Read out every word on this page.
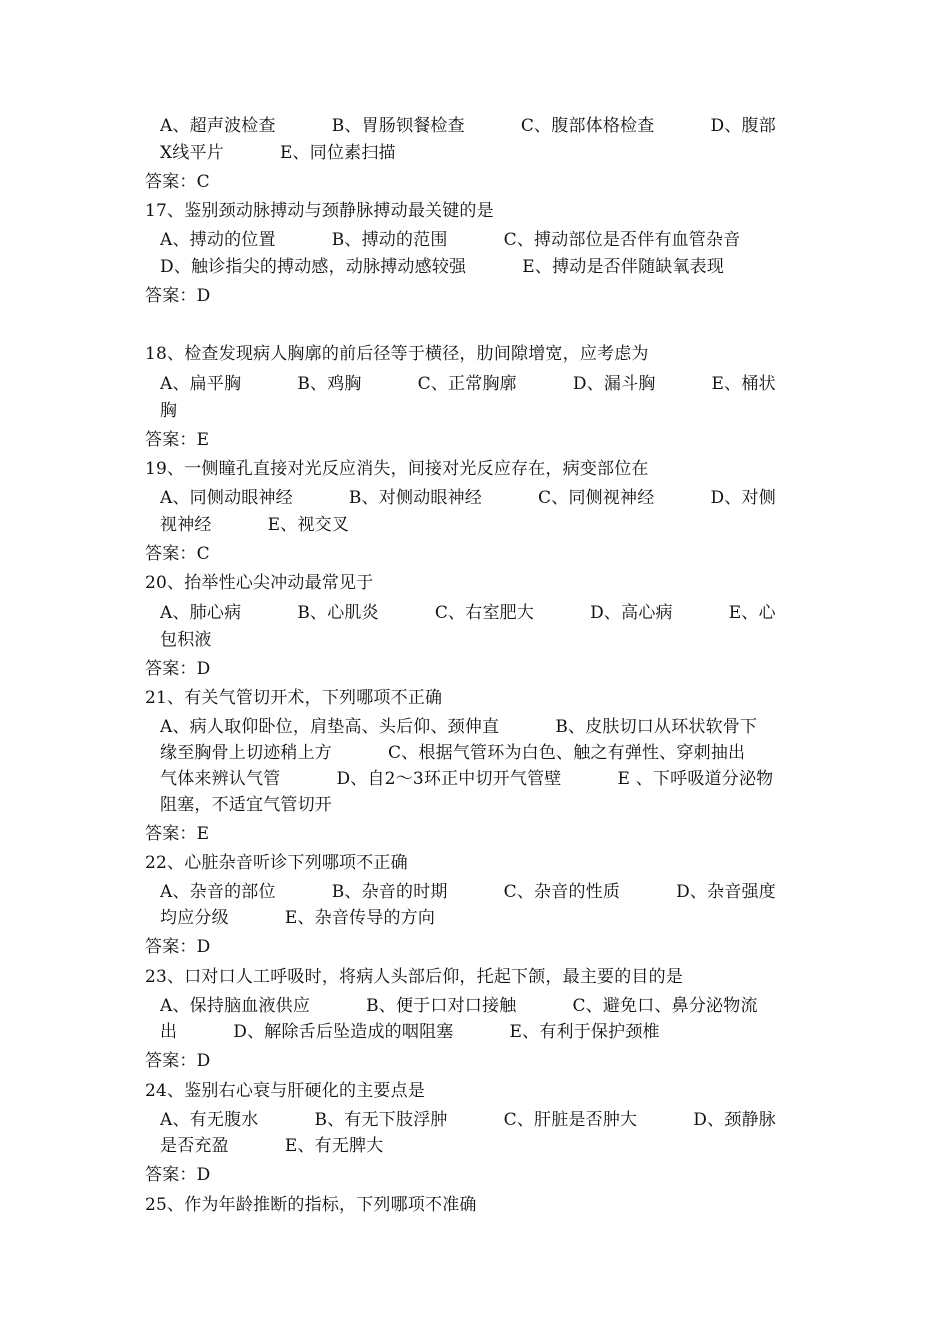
A、超声波检查          B、胃肠钡餐检查          C、腹部体格检查          D、腹部
X线平片          E、同位素扫描
答案：C
17、鉴别颈动脉搏动与颈静脉搏动最关键的是
A、搏动的位置          B、搏动的范围          C、搏动部位是否伴有血管杂音
D、触诊指尖的搏动感，动脉搏动感较强          E、搏动是否伴随缺氧表现
答案：D
18、检查发现病人胸廓的前后径等于横径，肋间隙增宽，应考虑为
A、扁平胸          B、鸡胸          C、正常胸廓          D、漏斗胸          E、桶状
胸
答案：E
19、一侧瞳孔直接对光反应消失，间接对光反应存在，病变部位在
A、同侧动眼神经          B、对侧动眼神经          C、同侧视神经          D、对侧
视神经          E、视交叉
答案：C
20、抬举性心尖冲动最常见于
A、肺心病          B、心肌炎          C、右室肥大          D、高心病          E、心
包积液
答案：D
21、有关气管切开术，下列哪项不正确
A、病人取仰卧位，肩垫高、头后仰、颈伸直          B、皮肤切口从环状软骨下
缘至胸骨上切迹稍上方          C、根据气管环为白色、触之有弹性、穿刺抽出
气体来辨认气管          D、自2～3环正中切开气管壁          E 、下呼吸道分泌物
阻塞，不适宜气管切开
答案：E
22、心脏杂音听诊下列哪项不正确
A、杂音的部位          B、杂音的时期          C、杂音的性质          D、杂音强度
均应分级          E、杂音传导的方向
答案：D
23、口对口人工呼吸时，将病人头部后仰，托起下颌，最主要的目的是
A、保持脑血液供应          B、便于口对口接触          C、避免口、鼻分泌物流
出          D、解除舌后坠造成的咽阻塞          E、有利于保护颈椎
答案：D
24、鉴别右心衰与肝硬化的主要点是
A、有无腹水          B、有无下肢浮肿          C、肝脏是否肿大          D、颈静脉
是否充盈          E、有无脾大
答案：D
25、作为年龄推断的指标，下列哪项不准确
